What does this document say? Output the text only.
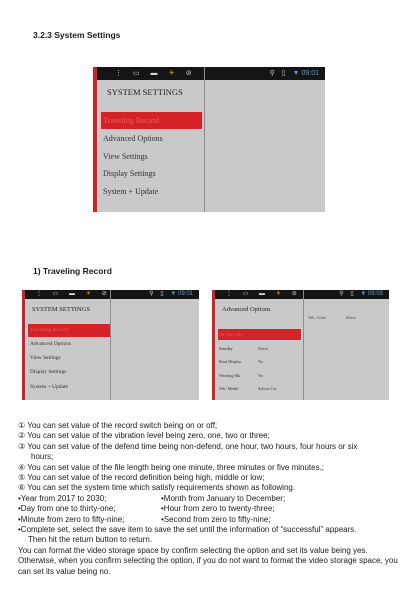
3.2.3 System Settings
⋮ ▭ ▬ ☀ ⊘	⚲ ▯ ▼ 09:01
SYSTEM SETTINGS
Traveling Record
Advanced Options
View Settings
Display Settings
System + Update
1) Traveling Record
⋮ ▭ ▬ ☀ ⊘	⚲ ▯ ▼ 09:01
SYSTEM SETTINGS
Traveling Record
Advanced Options
View Settings
Display Settings
System + Update
⋮ ▭ ▬ ☀ ⊘	⚲ ▯ ▼ 09:03
Advanced Options
All Video Rec
Standby	Never
Boot Display	No
Warning Mu	No
Veh. Model	Saloon Car
Veh. Color	Silver

① You can set value of the record switch being on or off;

② You can set value of the vibration level being zero, one, two or three;

③ You can set value of the defend time being non-defend, one hour, two hours, four hours or six

hours;

④ You can set value of the file length being one minute, three minutes or five minutes.;

⑤ You can set value of the record definition being high, middle or low;

⑥ You can set the system time which satisfy requirements shown as following.

•Year from 2017 to 2030;	•Month from January to December;
•Day from one to thirty-one;	•Hour from zero to twenty-three;
•Minute from zero to fifty-nine;	•Second from zero to fifty-nine;

•Complete set, select the save item to save the set until the information of “successful” appears.

Then hit the return button to return.

You can format the video storage space by confirm selecting the option and set its value being yes. Otherwise, when you confirm selecting the option, if you do not want to format the video storage space, you can set its value being no.
